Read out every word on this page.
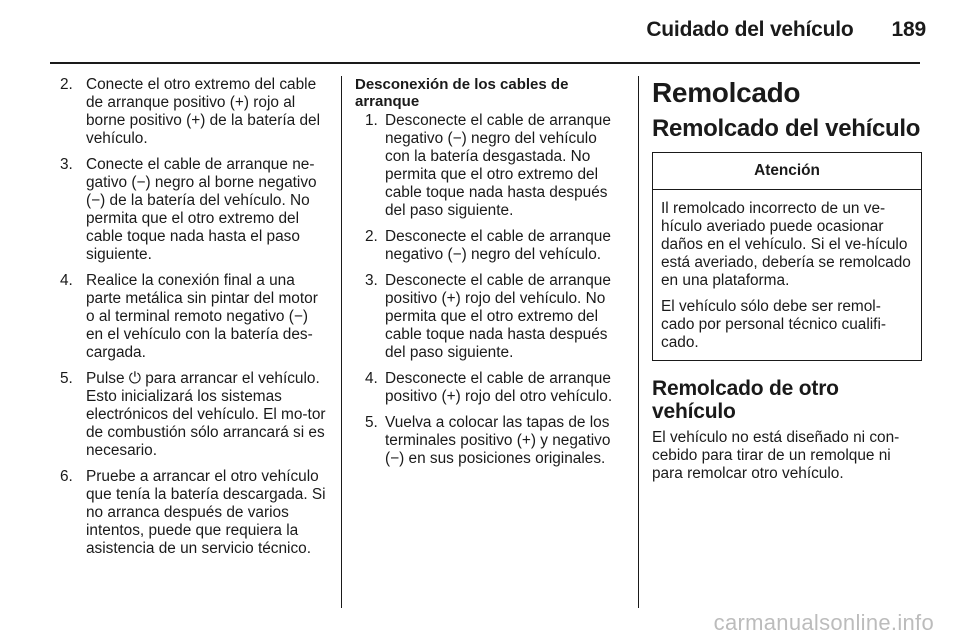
Cuidado del vehículo 189
2. Conecte el otro extremo del cable de arranque positivo (+) rojo al borne positivo (+) de la batería del vehículo.
3. Conecte el cable de arranque ne-gativo (−) negro al borne negativo (−) de la batería del vehículo. No permita que el otro extremo del cable toque nada hasta el paso siguiente.
4. Realice la conexión final a una parte metálica sin pintar del motor o al terminal remoto negativo (−) en el vehículo con la batería des-cargada.
5. Pulse ⏻ para arrancar el vehículo. Esto inicializará los sistemas electrónicos del vehículo. El mo-tor de combustión sólo arrancará si es necesario.
6. Pruebe a arrancar el otro vehículo que tenía la batería descargada. Si no arranca después de varios intentos, puede que requiera la asistencia de un servicio técnico.
Desconexión de los cables de arranque
1. Desconecte el cable de arranque negativo (−) negro del vehículo con la batería desgastada. No permita que el otro extremo del cable toque nada hasta después del paso siguiente.
2. Desconecte el cable de arranque negativo (−) negro del vehículo.
3. Desconecte el cable de arranque positivo (+) rojo del vehículo. No permita que el otro extremo del cable toque nada hasta después del paso siguiente.
4. Desconecte el cable de arranque positivo (+) rojo del otro vehículo.
5. Vuelva a colocar las tapas de los terminales positivo (+) y negativo (−) en sus posiciones originales.
Remolcado
Remolcado del vehículo
Atención

Il remolcado incorrecto de un ve-hículo averiado puede ocasionar daños en el vehículo. Si el ve-hículo está averiado, debería se remolcado en una plataforma.

El vehículo sólo debe ser remol-cado por personal técnico cualifi-cado.

Remolcado de otro vehículo

El vehículo no está diseñado ni con-cebido para tirar de un remolque ni para remolcar otro vehículo.

carmanualsonline.info
